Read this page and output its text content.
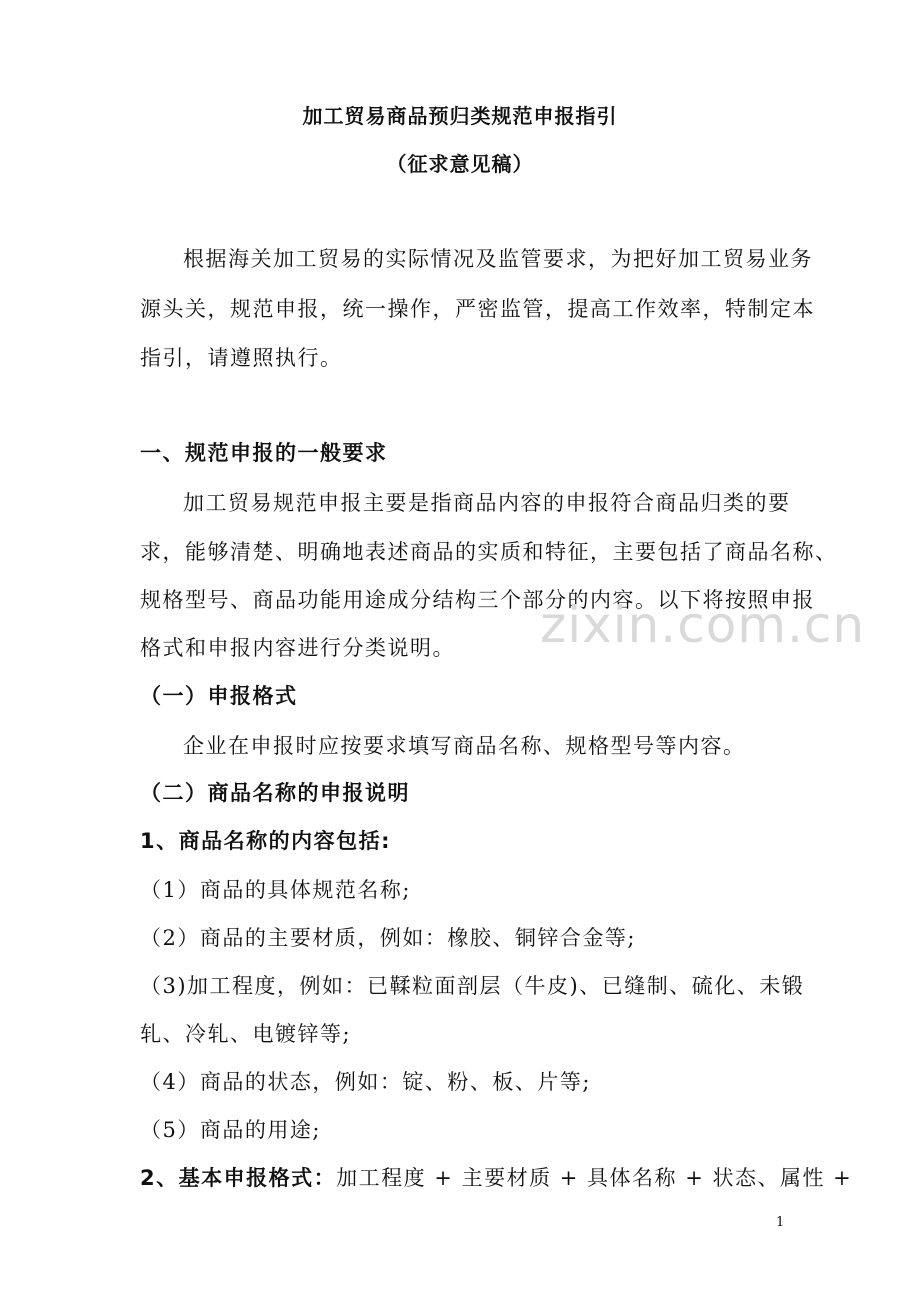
加工贸易商品预归类规范申报指引
（征求意见稿）
根据海关加工贸易的实际情况及监管要求，为把好加工贸易业务
源头关，规范申报，统一操作，严密监管，提高工作效率，特制定本
指引，请遵照执行。
一、规范申报的一般要求
加工贸易规范申报主要是指商品内容的申报符合商品归类的要
求，能够清楚、明确地表述商品的实质和特征，主要包括了商品名称、
规格型号、商品功能用途成分结构三个部分的内容。以下将按照申报
格式和申报内容进行分类说明。
（一）申报格式
企业在申报时应按要求填写商品名称、规格型号等内容。
（二）商品名称的申报说明
1、商品名称的内容包括:
（1）商品的具体规范名称;
（2）商品的主要材质，例如：橡胶、铜锌合金等;
（3)加工程度，例如：已鞣粒面剖层（牛皮)、已缝制、硫化、未锻
轧、冷轧、电镀锌等;
（4）商品的状态，例如：锭、粉、板、片等;
（5）商品的用途;
2、基本申报格式：加工程度 + 主要材质 + 具体名称 + 状态、属性 +
zixin.com.cn
1
